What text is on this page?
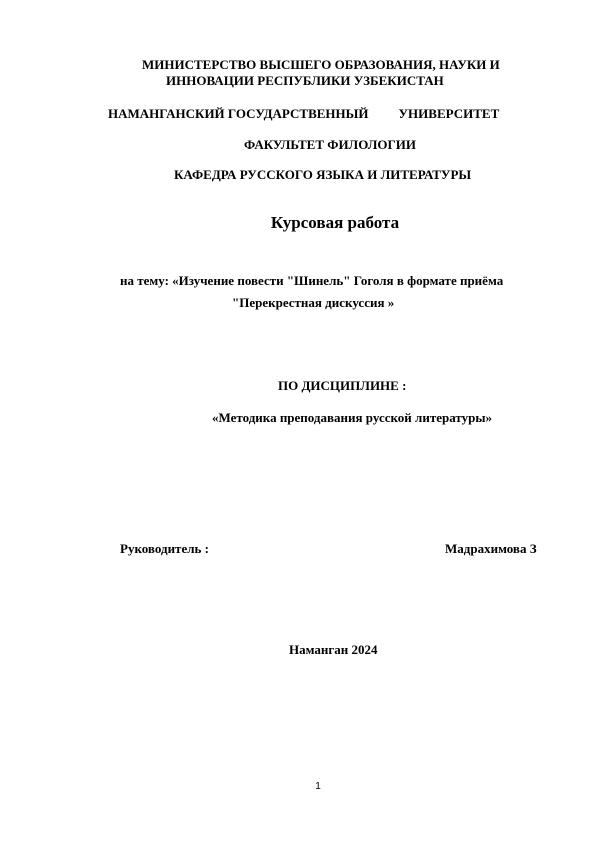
МИНИСТЕРСТВО ВЫСШЕГО ОБРАЗОВАНИЯ, НАУКИ И
ИННОВАЦИИ РЕСПУБЛИКИ УЗБЕКИСТАН
НАМАНГАНСКИЙ ГОСУДАРСТВЕННЫЙ УНИВЕРСИТЕТ
ФАКУЛЬТЕТ ФИЛОЛОГИИ
КАФЕДРА РУССКОГО ЯЗЫКА И ЛИТЕРАТУРЫ
Курсовая работа
на тему: «Изучение повести "Шинель" Гоголя в формате приёма
"Перекрестная дискуссия »
ПО ДИСЦИПЛИНЕ :
«Методика преподавания русской литературы»
Руководитель :	Мадрахимова З
Наманган 2024
1
